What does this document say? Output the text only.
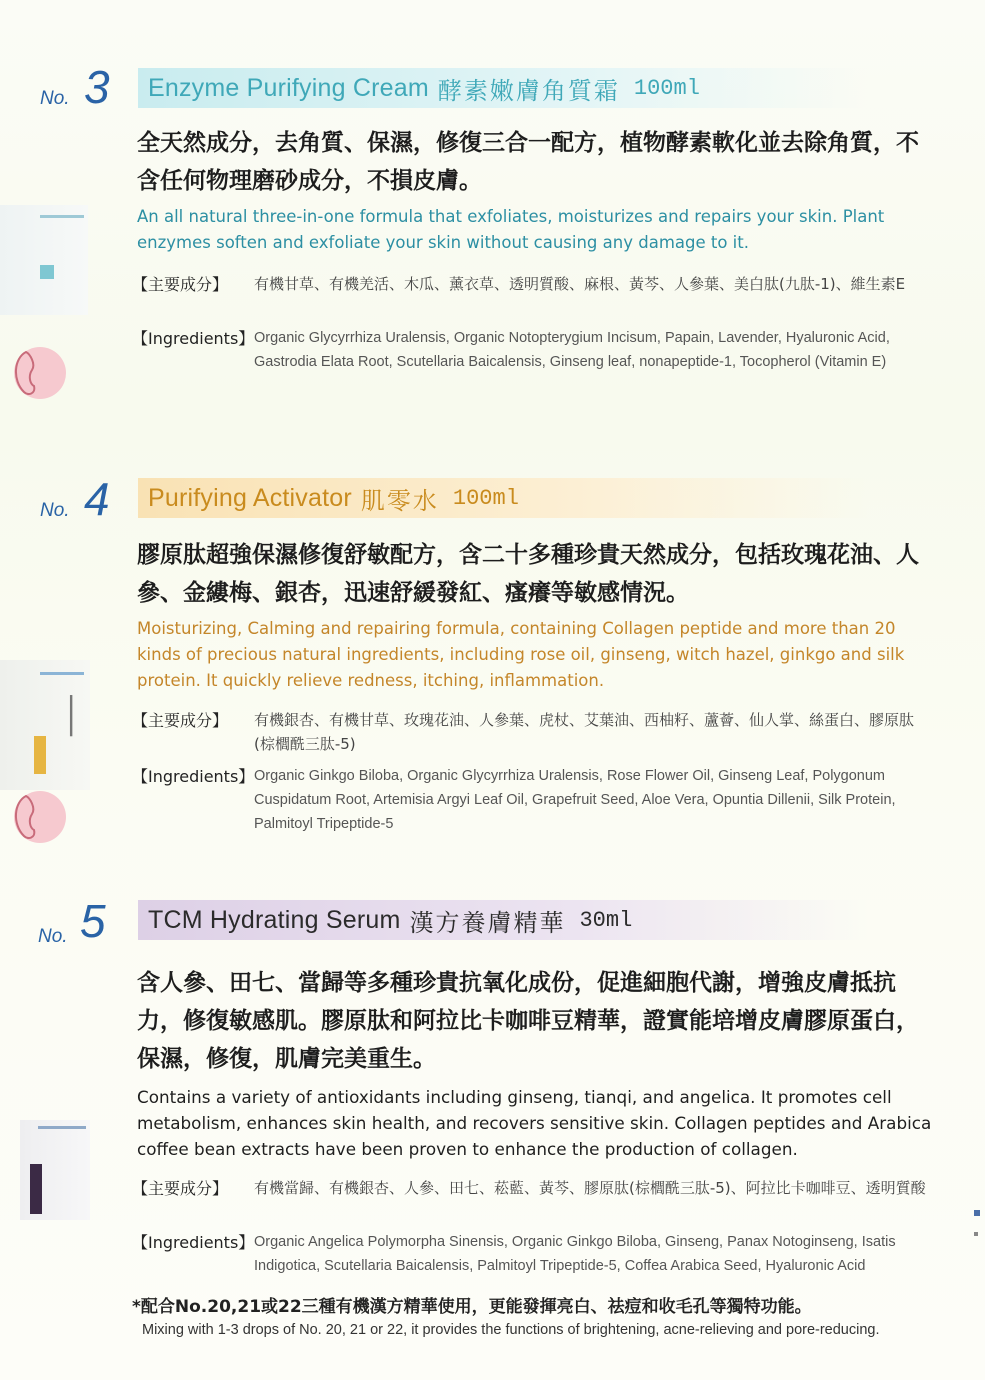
No. 3 Enzyme Purifying Cream 酵素嫩膚角質霜 100ml
全天然成分，去角質、保濕，修復三合一配方，植物酵素軟化並去除角質，不含任何物理磨砂成分，不損皮膚。
An all natural three-in-one formula that exfoliates, moisturizes and repairs your skin. Plant enzymes soften and exfoliate your skin without causing any damage to it.
【主要成分】	有機甘草、有機羌活、木瓜、薰衣草、透明質酸、麻根、黃芩、人參葉、美白肽(九肽-1)、維生素E
【Ingredients】 Organic Glycyrrhiza Uralensis, Organic Notopterygium Incisum, Papain, Lavender, Hyaluronic Acid, Gastrodia Elata Root, Scutellaria Baicalensis, Ginseng leaf, nonapeptide-1, Tocopherol (Vitamin E)
No. 4 Purifying Activator 肌零水 100ml
膠原肽超強保濕修復舒敏配方，含二十多種珍貴天然成分，包括玫瑰花油、人參、金縷梅、銀杏，迅速舒緩發紅、瘙癢等敏感情況。
Moisturizing, Calming and repairing formula, containing Collagen peptide and more than 20 kinds of precious natural ingredients, including rose oil, ginseng, witch hazel, ginkgo and silk protein. It quickly relieve redness, itching, inflammation.
【主要成分】	有機銀杏、有機甘草、玫瑰花油、人參葉、虎杖、艾葉油、西柚籽、蘆薈、仙人掌、絲蛋白、膠原肽(棕櫚酰三肽-5)
【Ingredients】 Organic Ginkgo Biloba, Organic Glycyrrhiza Uralensis, Rose Flower Oil, Ginseng Leaf, Polygonum Cuspidatum Root, Artemisia Argyi Leaf Oil, Grapefruit Seed, Aloe Vera, Opuntia Dillenii, Silk Protein, Palmitoyl Tripeptide-5
│
No. 5 TCM Hydrating Serum 漢方養膚精華 30ml
含人參、田七、當歸等多種珍貴抗氧化成份，促進細胞代謝，增強皮膚抵抗力，修復敏感肌。膠原肽和阿拉比卡咖啡豆精華，證實能培增皮膚膠原蛋白，保濕，修復，肌膚完美重生。
Contains a variety of antioxidants including ginseng, tianqi, and angelica. It promotes cell metabolism, enhances skin health, and recovers sensitive skin. Collagen peptides and Arabica coffee bean extracts have been proven to enhance the production of collagen.
【主要成分】	有機當歸、有機銀杏、人參、田七、菘藍、黃芩、膠原肽(棕櫚酰三肽-5)、阿拉比卡咖啡豆、透明質酸
【Ingredients】 Organic Angelica Polymorpha Sinensis, Organic Ginkgo Biloba, Ginseng, Panax Notoginseng, Isatis Indigotica, Scutellaria Baicalensis, Palmitoyl Tripeptide-5, Coffea Arabica Seed, Hyaluronic Acid
*配合No.20,21或22三種有機漢方精華使用，更能發揮亮白、祛痘和收毛孔等獨特功能。
Mixing with 1-3 drops of No. 20, 21 or 22, it provides the functions of brightening, acne-relieving and pore-reducing.
